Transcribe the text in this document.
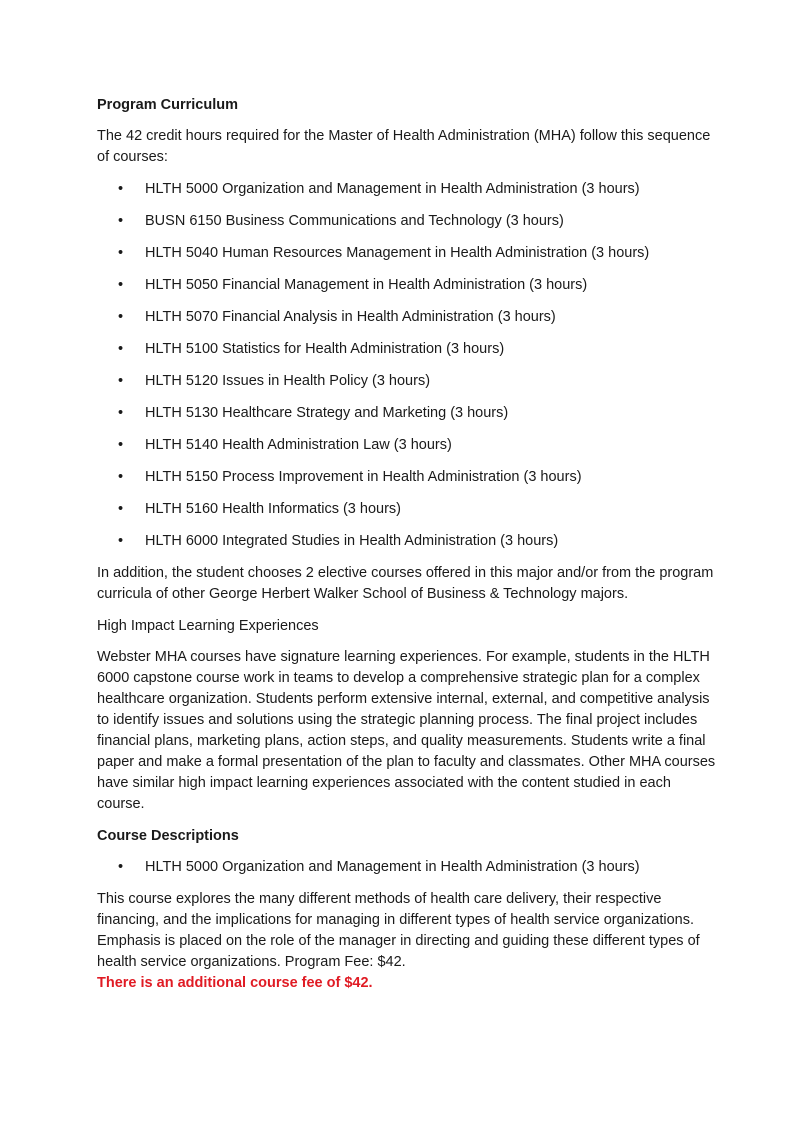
Program Curriculum

The 42 credit hours required for the Master of Health Administration (MHA) follow this sequence of courses:

• HLTH 5000 Organization and Management in Health Administration (3 hours)
• BUSN 6150 Business Communications and Technology (3 hours)
• HLTH 5040 Human Resources Management in Health Administration (3 hours)
• HLTH 5050 Financial Management in Health Administration (3 hours)
• HLTH 5070 Financial Analysis in Health Administration (3 hours)
• HLTH 5100 Statistics for Health Administration (3 hours)
• HLTH 5120 Issues in Health Policy (3 hours)
• HLTH 5130 Healthcare Strategy and Marketing (3 hours)
• HLTH 5140 Health Administration Law (3 hours)
• HLTH 5150 Process Improvement in Health Administration (3 hours)
• HLTH 5160 Health Informatics (3 hours)
• HLTH 6000 Integrated Studies in Health Administration (3 hours)

In addition, the student chooses 2 elective courses offered in this major and/or from the program curricula of other George Herbert Walker School of Business & Technology majors.

High Impact Learning Experiences

Webster MHA courses have signature learning experiences. For example, students in the HLTH 6000 capstone course work in teams to develop a comprehensive strategic plan for a complex healthcare organization. Students perform extensive internal, external, and competitive analysis to identify issues and solutions using the strategic planning process. The final project includes financial plans, marketing plans, action steps, and quality measurements. Students write a final paper and make a formal presentation of the plan to faculty and classmates. Other MHA courses have similar high impact learning experiences associated with the content studied in each course.

Course Descriptions

• HLTH 5000 Organization and Management in Health Administration (3 hours)

This course explores the many different methods of health care delivery, their respective financing, and the implications for managing in different types of health service organizations. Emphasis is placed on the role of the manager in directing and guiding these different types of health service organizations. Program Fee: $42.

There is an additional course fee of $42.
